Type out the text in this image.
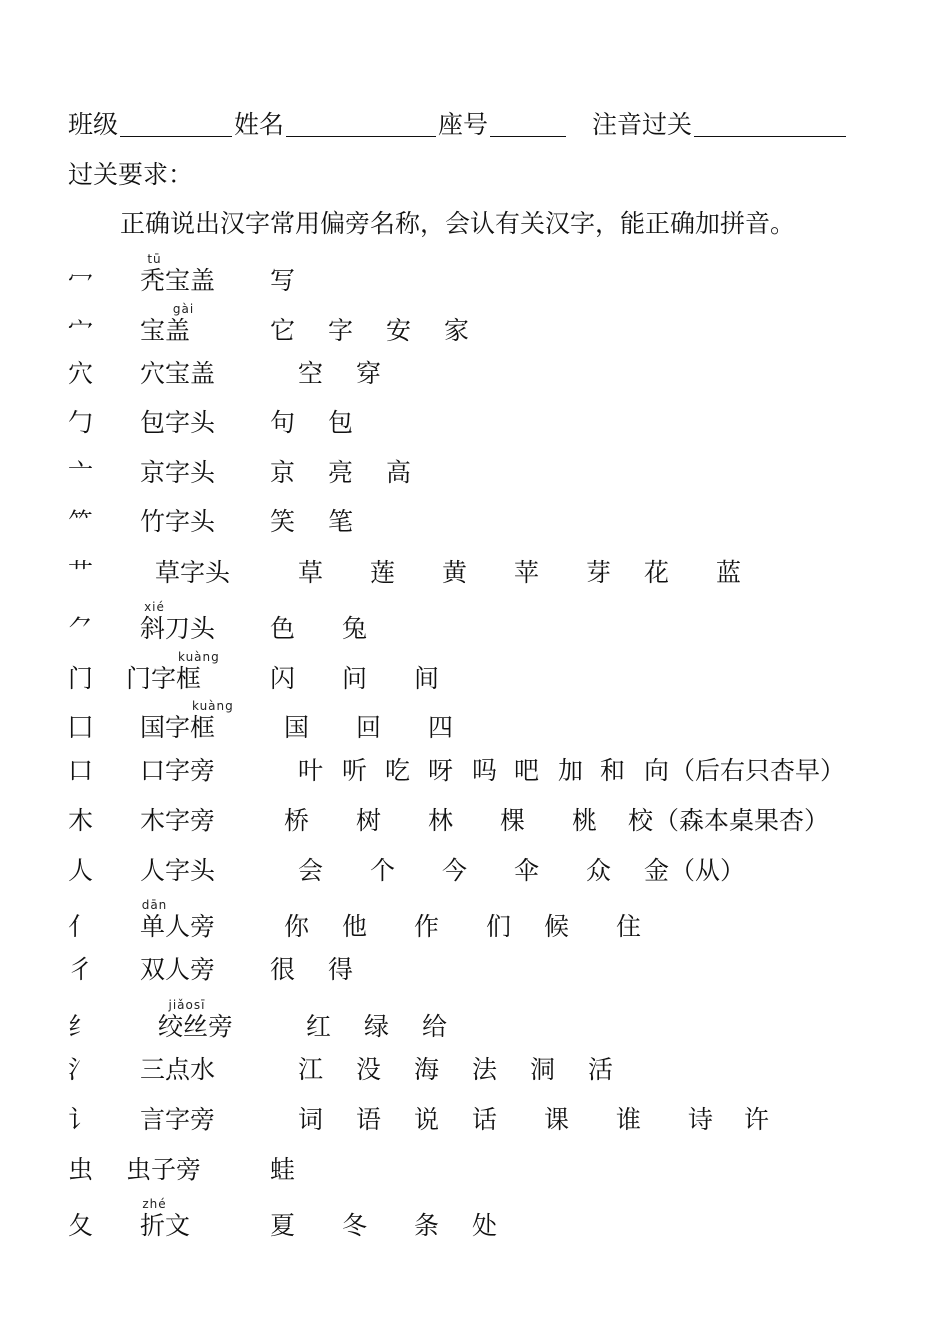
班级	姓名	座号	注音过关
过关要求：
正确说出汉字常用偏旁名称，会认有关汉字，能正确加拼音。
冖 秃宝盖 写
tū
宀 宝盖	它 字 安 家
gài
穴 穴宝盖	空 穿
勹 包字头 句 包
亠 京字头 京 亮 高
⺮ 竹字头 笑 笔
艹 草字头	草 莲 黄 苹 芽 花 蓝
⺈ 斜刀头 色 兔
xié
门 门字框	闪 问 间
kuàng
囗 国字框	国 回 四
kuàng
口 口字旁	叶 听 吃 呀 吗 吧 加 和 向 （后右只杏早）
木 木字旁	桥 树 林 棵 桃 校 （森本桌果杏）
人 人字头	会 个 今 伞 众 金 （从）
亻 单人旁	你 他 作 们 候 住
dān
彳 双人旁 很 得
纟	绞丝旁	红 绿 给
jiǎosī
氵 三点水	江 没 海 法 洞 活
讠 言字旁	词 语 说 话 课 谁 诗 许
虫 虫子旁	蛙
夂 折文	夏 冬 条 处
zhé
